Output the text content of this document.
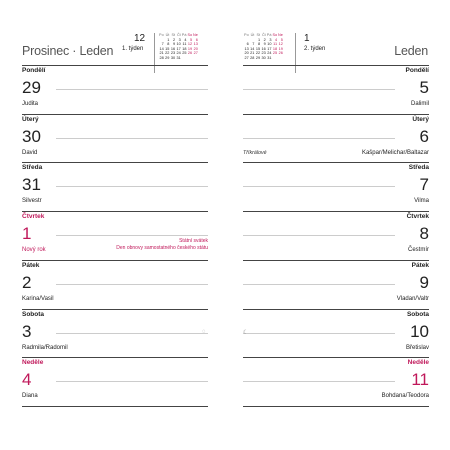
Prosinec · Leden
12
1. týden
Po Út St Čt Pá So Ne
1 2 3 4 5 6
7 8 9 10 11 12 13
14 15 16 17 18 19 20
21 22 23 24 25 26 27
28 29 30 31
Pondělí
29
Judita
Úterý
30
David
Středa
31
Silvestr
Čtvrtek
1
Nový rok
Státní svátek
Den obnovy samostatného českého státu
Pátek
2
Karina/Vasil
Sobota
3
Radmila/Radomil
◌
Neděle
4
Diana
Po Út St Čt Pá So Ne
1 2 3 4 5
6 7 8 9 10 11 12
13 14 15 16 17 18 19
20 21 22 23 24 25 26
27 28 29 30 31
1
2. týden	Leden
Pondělí
5
Dalimil
Úterý
6
Kašpar/Melichar/Baltazar
Tříkrálové
Středa
7
Vilma
Čtvrtek
8
Čestmír
Pátek
9
Vladan/Valtr
Sobota
10
Břetislav
☾
Neděle
11
Bohdana/Teodora
